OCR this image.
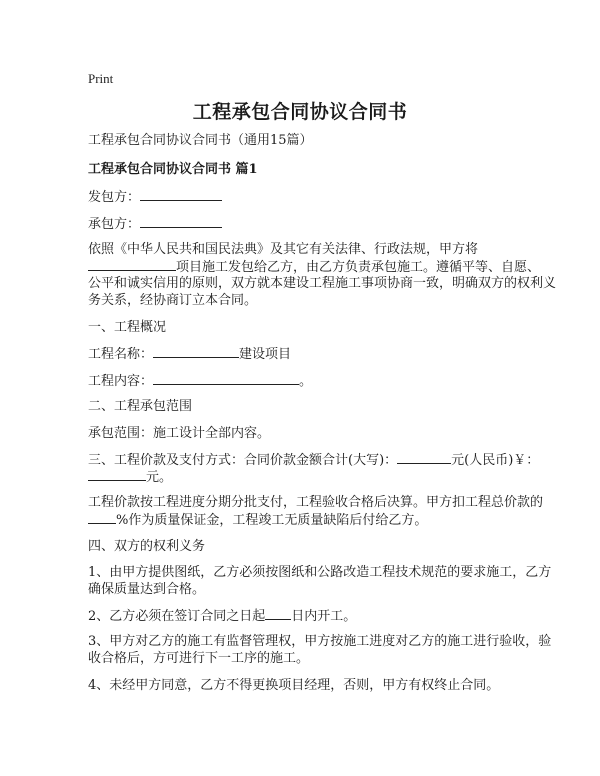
Print
工程承包合同协议合同书
工程承包合同协议合同书（通用15篇）
工程承包合同协议合同书 篇1
发包方：
承包方：
依照《中华人民共和国民法典》及其它有关法律、行政法规，甲方将
项目施工发包给乙方，由乙方负责承包施工。遵循平等、自愿、
公平和诚实信用的原则，双方就本建设工程施工事项协商一致，明确双方的权利义
务关系，经协商订立本合同。
一、工程概况
工程名称：	建设项目
工程内容：	。
二、工程承包范围
承包范围：施工设计全部内容。
三、工程价款及支付方式：合同价款金额合计(大写)：	元(人民币)￥：
元。
工程价款按工程进度分期分批支付，工程验收合格后决算。甲方扣工程总价款的
%作为质量保证金，工程竣工无质量缺陷后付给乙方。
四、双方的权利义务
1、由甲方提供图纸，乙方必须按图纸和公路改造工程技术规范的要求施工，乙方
确保质量达到合格。
2、乙方必须在签订合同之日起 日内开工。
3、甲方对乙方的施工有监督管理权，甲方按施工进度对乙方的施工进行验收，验
收合格后，方可进行下一工序的施工。
4、未经甲方同意，乙方不得更换项目经理，否则，甲方有权终止合同。
